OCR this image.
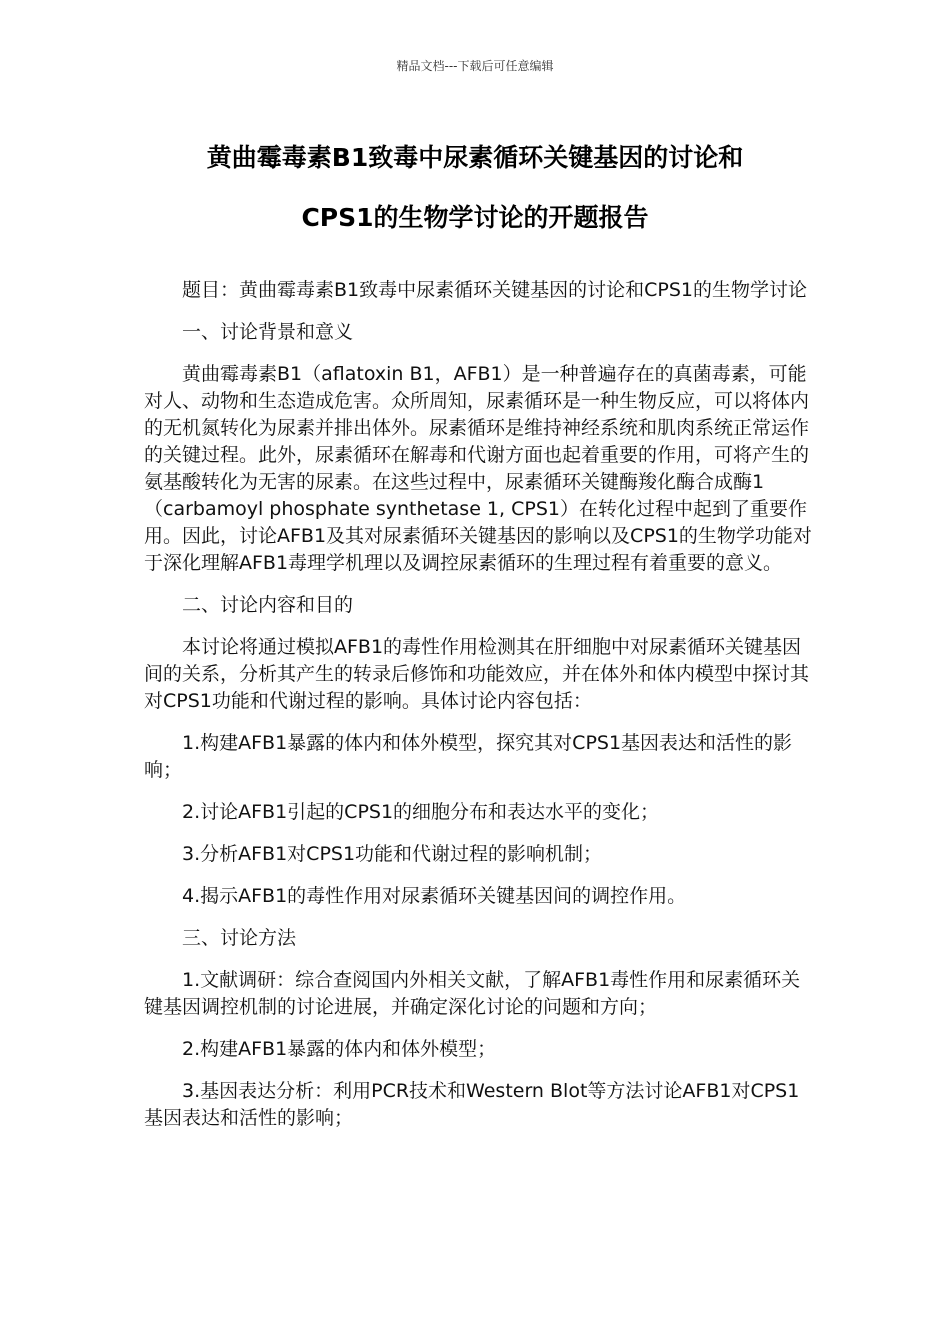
精品文档---下载后可任意编辑
黄曲霉毒素B1致毒中尿素循环关键基因的讨论和
CPS1的生物学讨论的开题报告

题目：黄曲霉毒素B1致毒中尿素循环关键基因的讨论和CPS1的生物学讨论

一、讨论背景和意义

黄曲霉毒素B1（aflatoxin B1，AFB1）是一种普遍存在的真菌毒素，可能对人、动物和生态造成危害。众所周知，尿素循环是一种生物反应，可以将体内的无机氮转化为尿素并排出体外。尿素循环是维持神经系统和肌肉系统正常运作的关键过程。此外，尿素循环在解毒和代谢方面也起着重要的作用，可将产生的氨基酸转化为无害的尿素。在这些过程中，尿素循环关键酶羧化酶合成酶1（carbamoyl phosphate synthetase 1, CPS1）在转化过程中起到了重要作用。因此，讨论AFB1及其对尿素循环关键基因的影响以及CPS1的生物学功能对于深化理解AFB1毒理学机理以及调控尿素循环的生理过程有着重要的意义。

二、讨论内容和目的

本讨论将通过模拟AFB1的毒性作用检测其在肝细胞中对尿素循环关键基因间的关系，分析其产生的转录后修饰和功能效应，并在体外和体内模型中探讨其对CPS1功能和代谢过程的影响。具体讨论内容包括：

1.构建AFB1暴露的体内和体外模型，探究其对CPS1基因表达和活性的影响；

2.讨论AFB1引起的CPS1的细胞分布和表达水平的变化；

3.分析AFB1对CPS1功能和代谢过程的影响机制；

4.揭示AFB1的毒性作用对尿素循环关键基因间的调控作用。

三、讨论方法

1.文献调研：综合查阅国内外相关文献，了解AFB1毒性作用和尿素循环关键基因调控机制的讨论进展，并确定深化讨论的问题和方向；

2.构建AFB1暴露的体内和体外模型；

3.基因表达分析：利用PCR技术和Western Blot等方法讨论AFB1对CPS1基因表达和活性的影响；
